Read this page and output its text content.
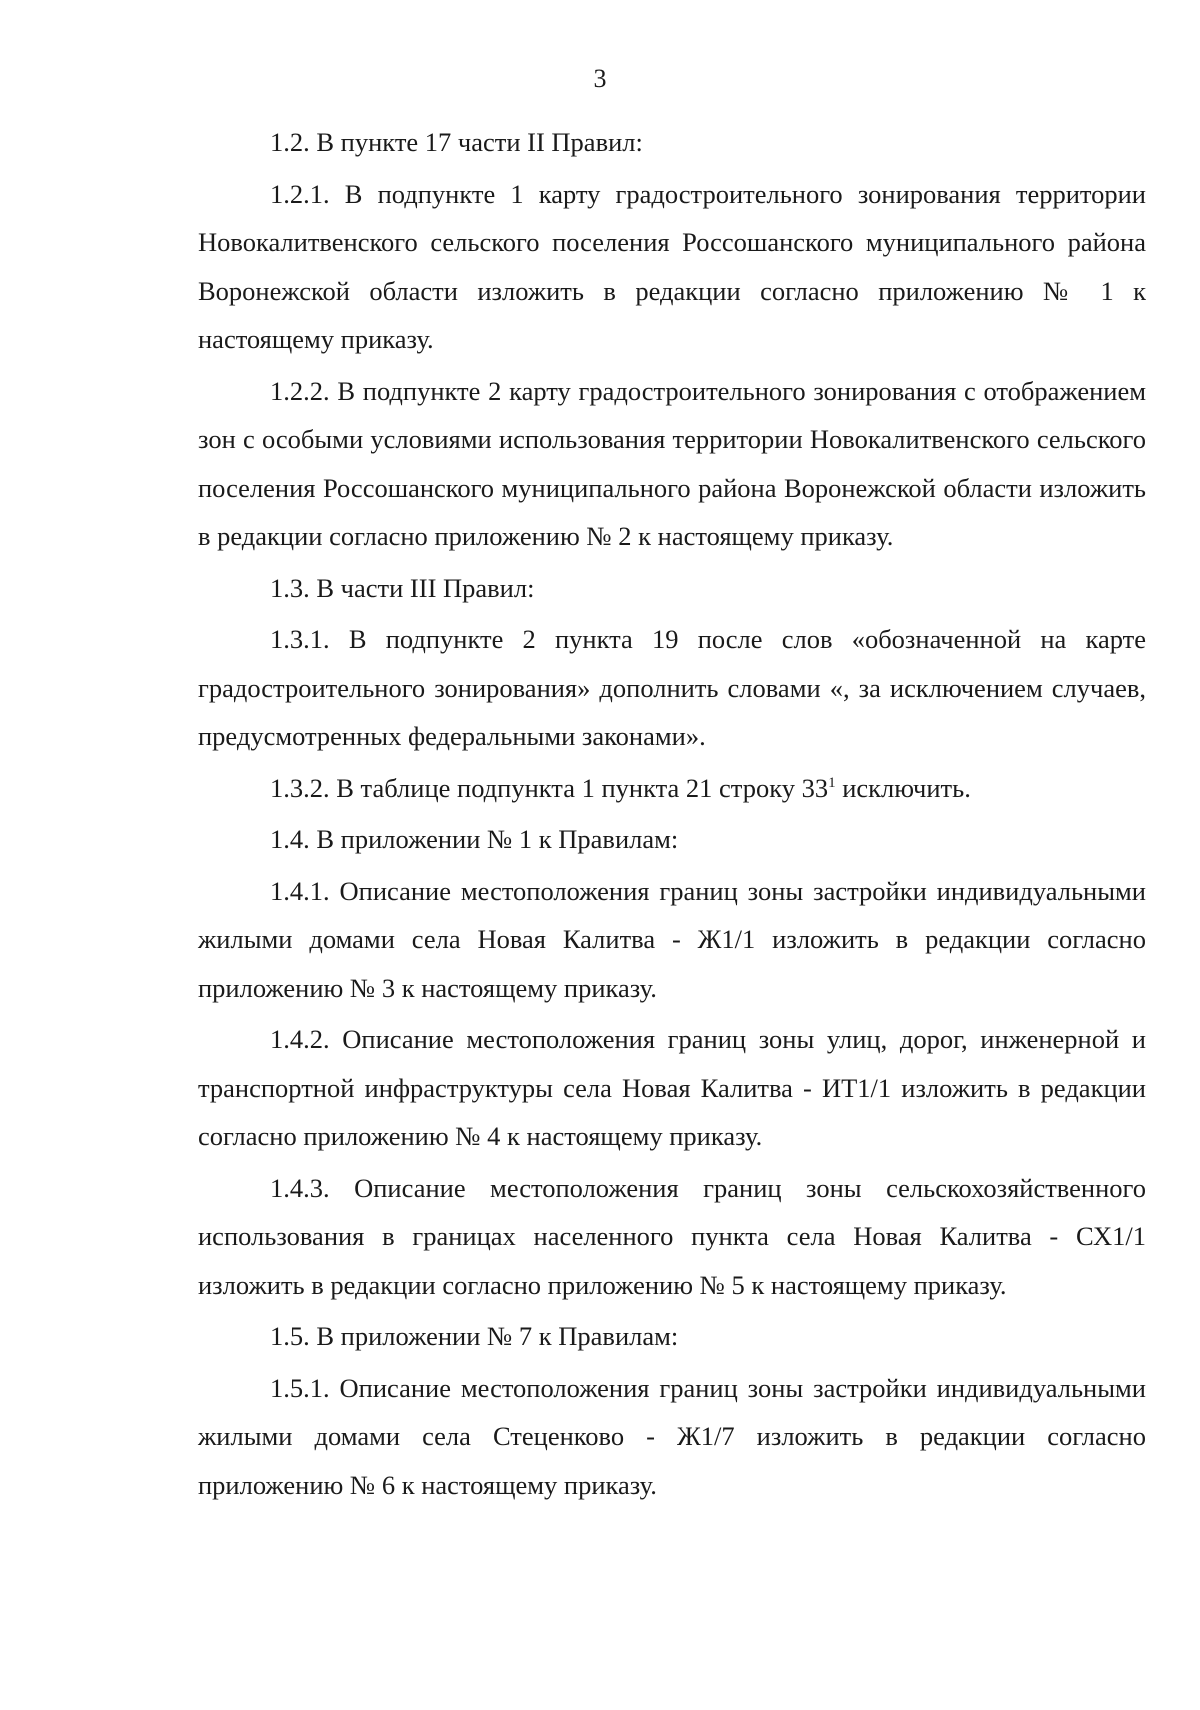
3

1.2. В пункте 17 части II Правил:

1.2.1. В подпункте 1 карту градостроительного зонирования территории Новокалитвенского сельского поселения Россошанского муниципального района Воронежской области изложить в редакции согласно приложению № 1 к настоящему приказу.

1.2.2. В подпункте 2 карту градостроительного зонирования с отображением зон с особыми условиями использования территории Новокалитвенского сельского поселения Россошанского муниципального района Воронежской области изложить в редакции согласно приложению № 2 к настоящему приказу.

1.3. В части III Правил:

1.3.1. В подпункте 2 пункта 19 после слов «обозначенной на карте градостроительного зонирования» дополнить словами «, за исключением случаев, предусмотренных федеральными законами».

1.3.2. В таблице подпункта 1 пункта 21 строку $33^1$ исключить.

1.4. В приложении № 1 к Правилам:

1.4.1. Описание местоположения границ зоны застройки индивидуальными жилыми домами села Новая Калитва - Ж1/1 изложить в редакции согласно приложению № 3 к настоящему приказу.

1.4.2. Описание местоположения границ зоны улиц, дорог, инженерной и транспортной инфраструктуры села Новая Калитва - ИТ1/1 изложить в редакции согласно приложению № 4 к настоящему приказу.

1.4.3. Описание местоположения границ зоны сельскохозяйственного использования в границах населенного пункта села Новая Калитва - СХ1/1 изложить в редакции согласно приложению № 5 к настоящему приказу.

1.5. В приложении № 7 к Правилам:

1.5.1. Описание местоположения границ зоны застройки индивидуальными жилыми домами села Стеценково - Ж1/7 изложить в редакции согласно приложению № 6 к настоящему приказу.
